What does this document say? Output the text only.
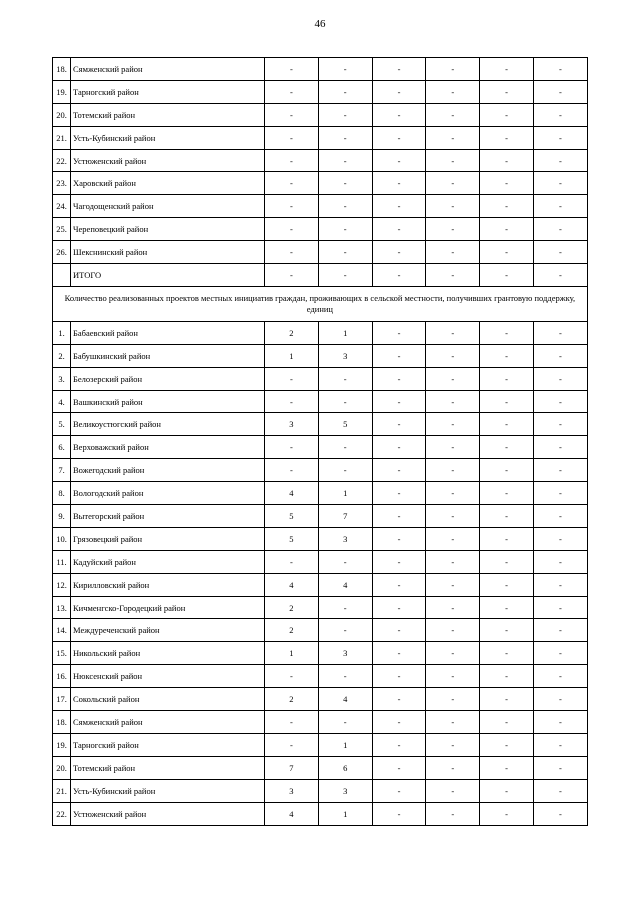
46
18.	Сямженский район	-	-	-	-	-	-
19.	Тарногский район	-	-	-	-	-	-
20.	Тотемский район	-	-	-	-	-	-
21.	Усть-Кубинский район	-	-	-	-	-	-
22.	Устюженский район	-	-	-	-	-	-
23.	Харовский район	-	-	-	-	-	-
24.	Чагодощенский район	-	-	-	-	-	-
25.	Череповецкий район	-	-	-	-	-	-
26.	Шекснинский район	-	-	-	-	-	-
	ИТОГО	-	-	-	-	-	-
Количество реализованных проектов местных инициатив граждан, проживающих в сельской местности, получивших грантовую поддержку, единиц							
1.	Бабаевский район	2	1	-	-	-	-
2.	Бабушкинский район	1	3	-	-	-	-
3.	Белозерский район	-	-	-	-	-	-
4.	Вашкинский район	-	-	-	-	-	-
5.	Великоустюгский район	3	5	-	-	-	-
6.	Верховажский район	-	-	-	-	-	-
7.	Вожегодский район	-	-	-	-	-	-
8.	Вологодский район	4	1	-	-	-	-
9.	Вытегорский район	5	7	-	-	-	-
10.	Грязовецкий район	5	3	-	-	-	-
11.	Кадуйский район	-	-	-	-	-	-
12.	Кирилловский район	4	4	-	-	-	-
13.	Кичменгско-Городецкий район	2	-	-	-	-	-
14.	Междуреченский район	2	-	-	-	-	-
15.	Никольский район	1	3	-	-	-	-
16.	Нюксенский район	-	-	-	-	-	-
17.	Сокольский район	2	4	-	-	-	-
18.	Сямженский район	-	-	-	-	-	-
19.	Тарногский район	-	1	-	-	-	-
20.	Тотемский район	7	6	-	-	-	-
21.	Усть-Кубинский район	3	3	-	-	-	-
22.	Устюженский район	4	1	-	-	-	-
